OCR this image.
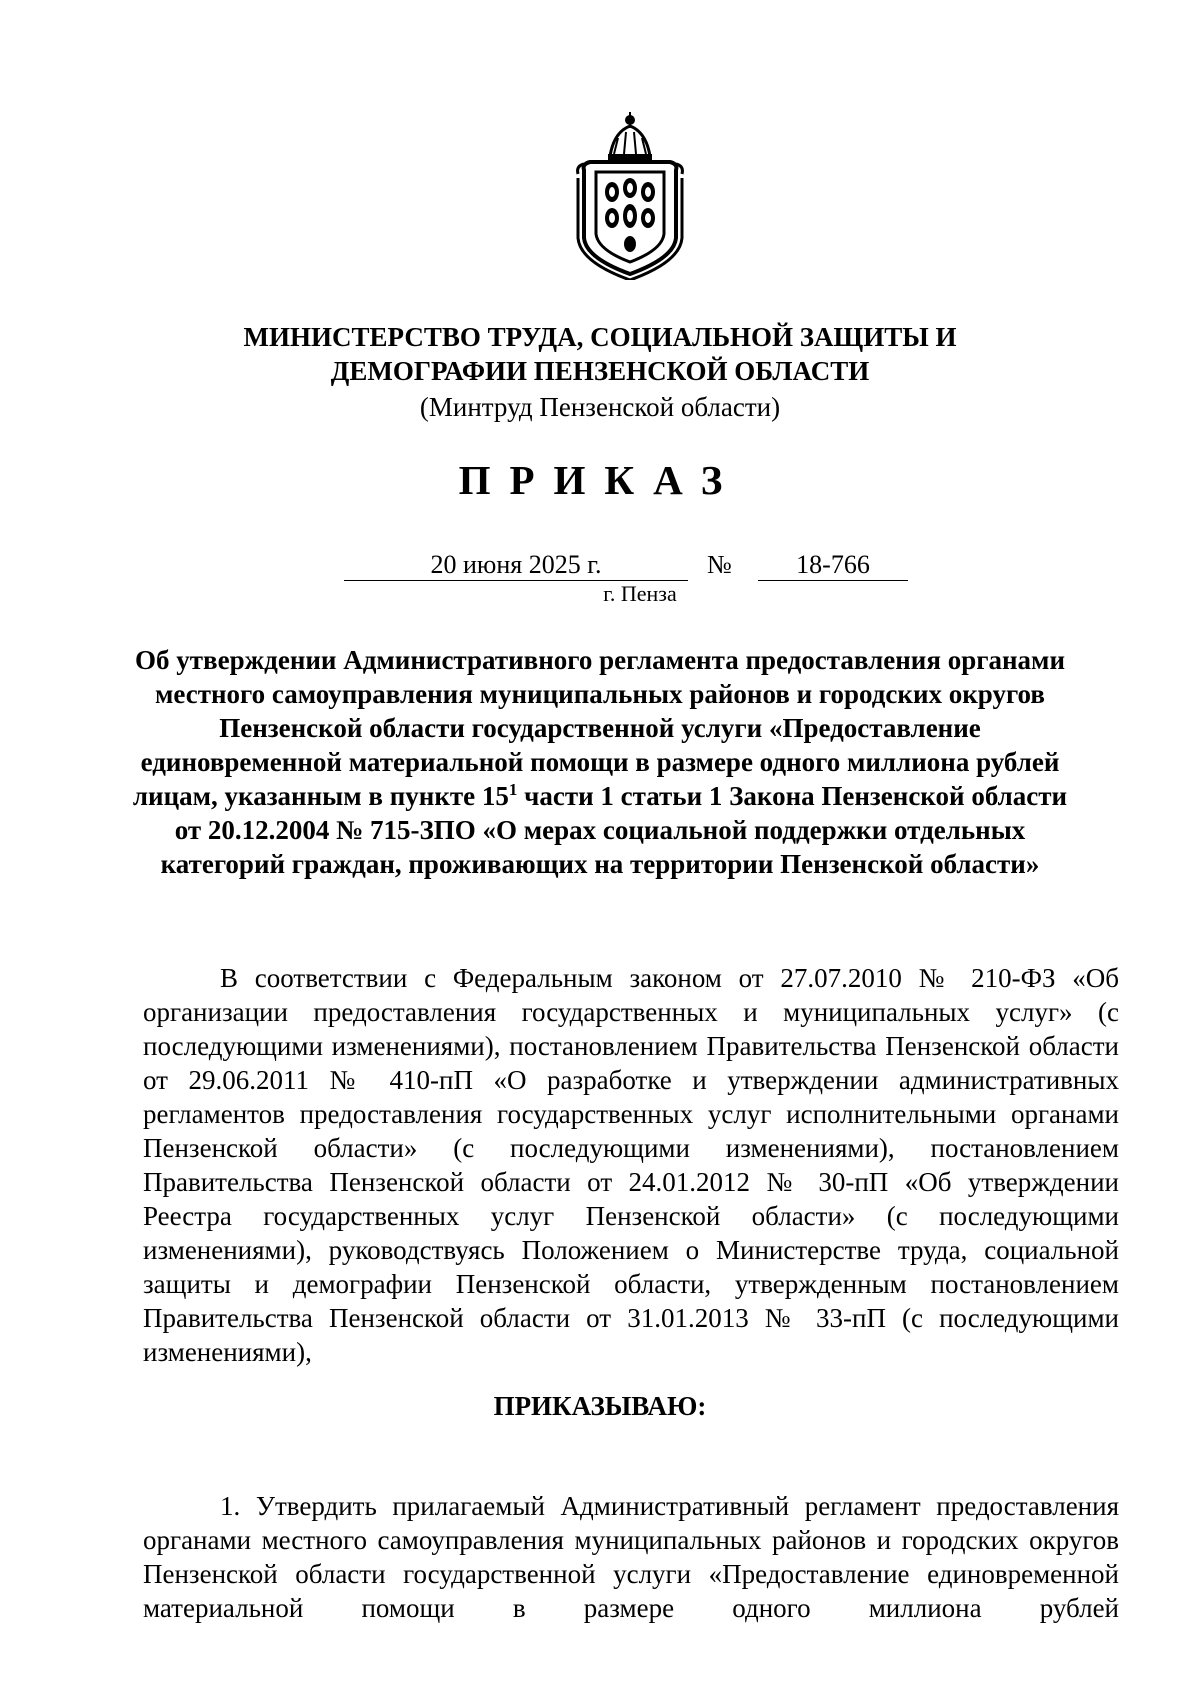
МИНИСТЕРСТВО ТРУДА, СОЦИАЛЬНОЙ ЗАЩИТЫ И
ДЕМОГРАФИИ ПЕНЗЕНСКОЙ ОБЛАСТИ
(Минтруд Пензенской области)
ПРИКАЗ
20 июня 2025 г.	№	18-766
г. Пенза
Об утверждении Административного регламента предоставления органами местного самоуправления муниципальных районов и городских округов Пензенской области государственной услуги «Предоставление единовременной материальной помощи в размере одного миллиона рублей лицам, указанным в пункте $15^1$ части 1 статьи 1 Закона Пензенской области от 20.12.2004 № 715-ЗПО «О мерах социальной поддержки отдельных категорий граждан, проживающих на территории Пензенской области»
В соответствии с Федеральным законом от 27.07.2010 № 210-ФЗ «Об организации предоставления государственных и муниципальных услуг» (с последующими изменениями), постановлением Правительства Пензенской области от 29.06.2011 № 410-пП «О разработке и утверждении административных регламентов предоставления государственных услуг исполнительными органами Пензенской области» (с последующими изменениями), постановлением Правительства Пензенской области от 24.01.2012 № 30-пП «Об утверждении Реестра государственных услуг Пензенской области» (с последующими изменениями), руководствуясь Положением о Министерстве труда, социальной защиты и демографии Пензенской области, утвержденным постановлением Правительства Пензенской области от 31.01.2013 № 33-пП (с последующими изменениями),
ПРИКАЗЫВАЮ:
1. Утвердить прилагаемый Административный регламент предоставления органами местного самоуправления муниципальных районов и городских округов Пензенской области государственной услуги «Предоставление единовременной материальной помощи в размере одного миллиона рублей
